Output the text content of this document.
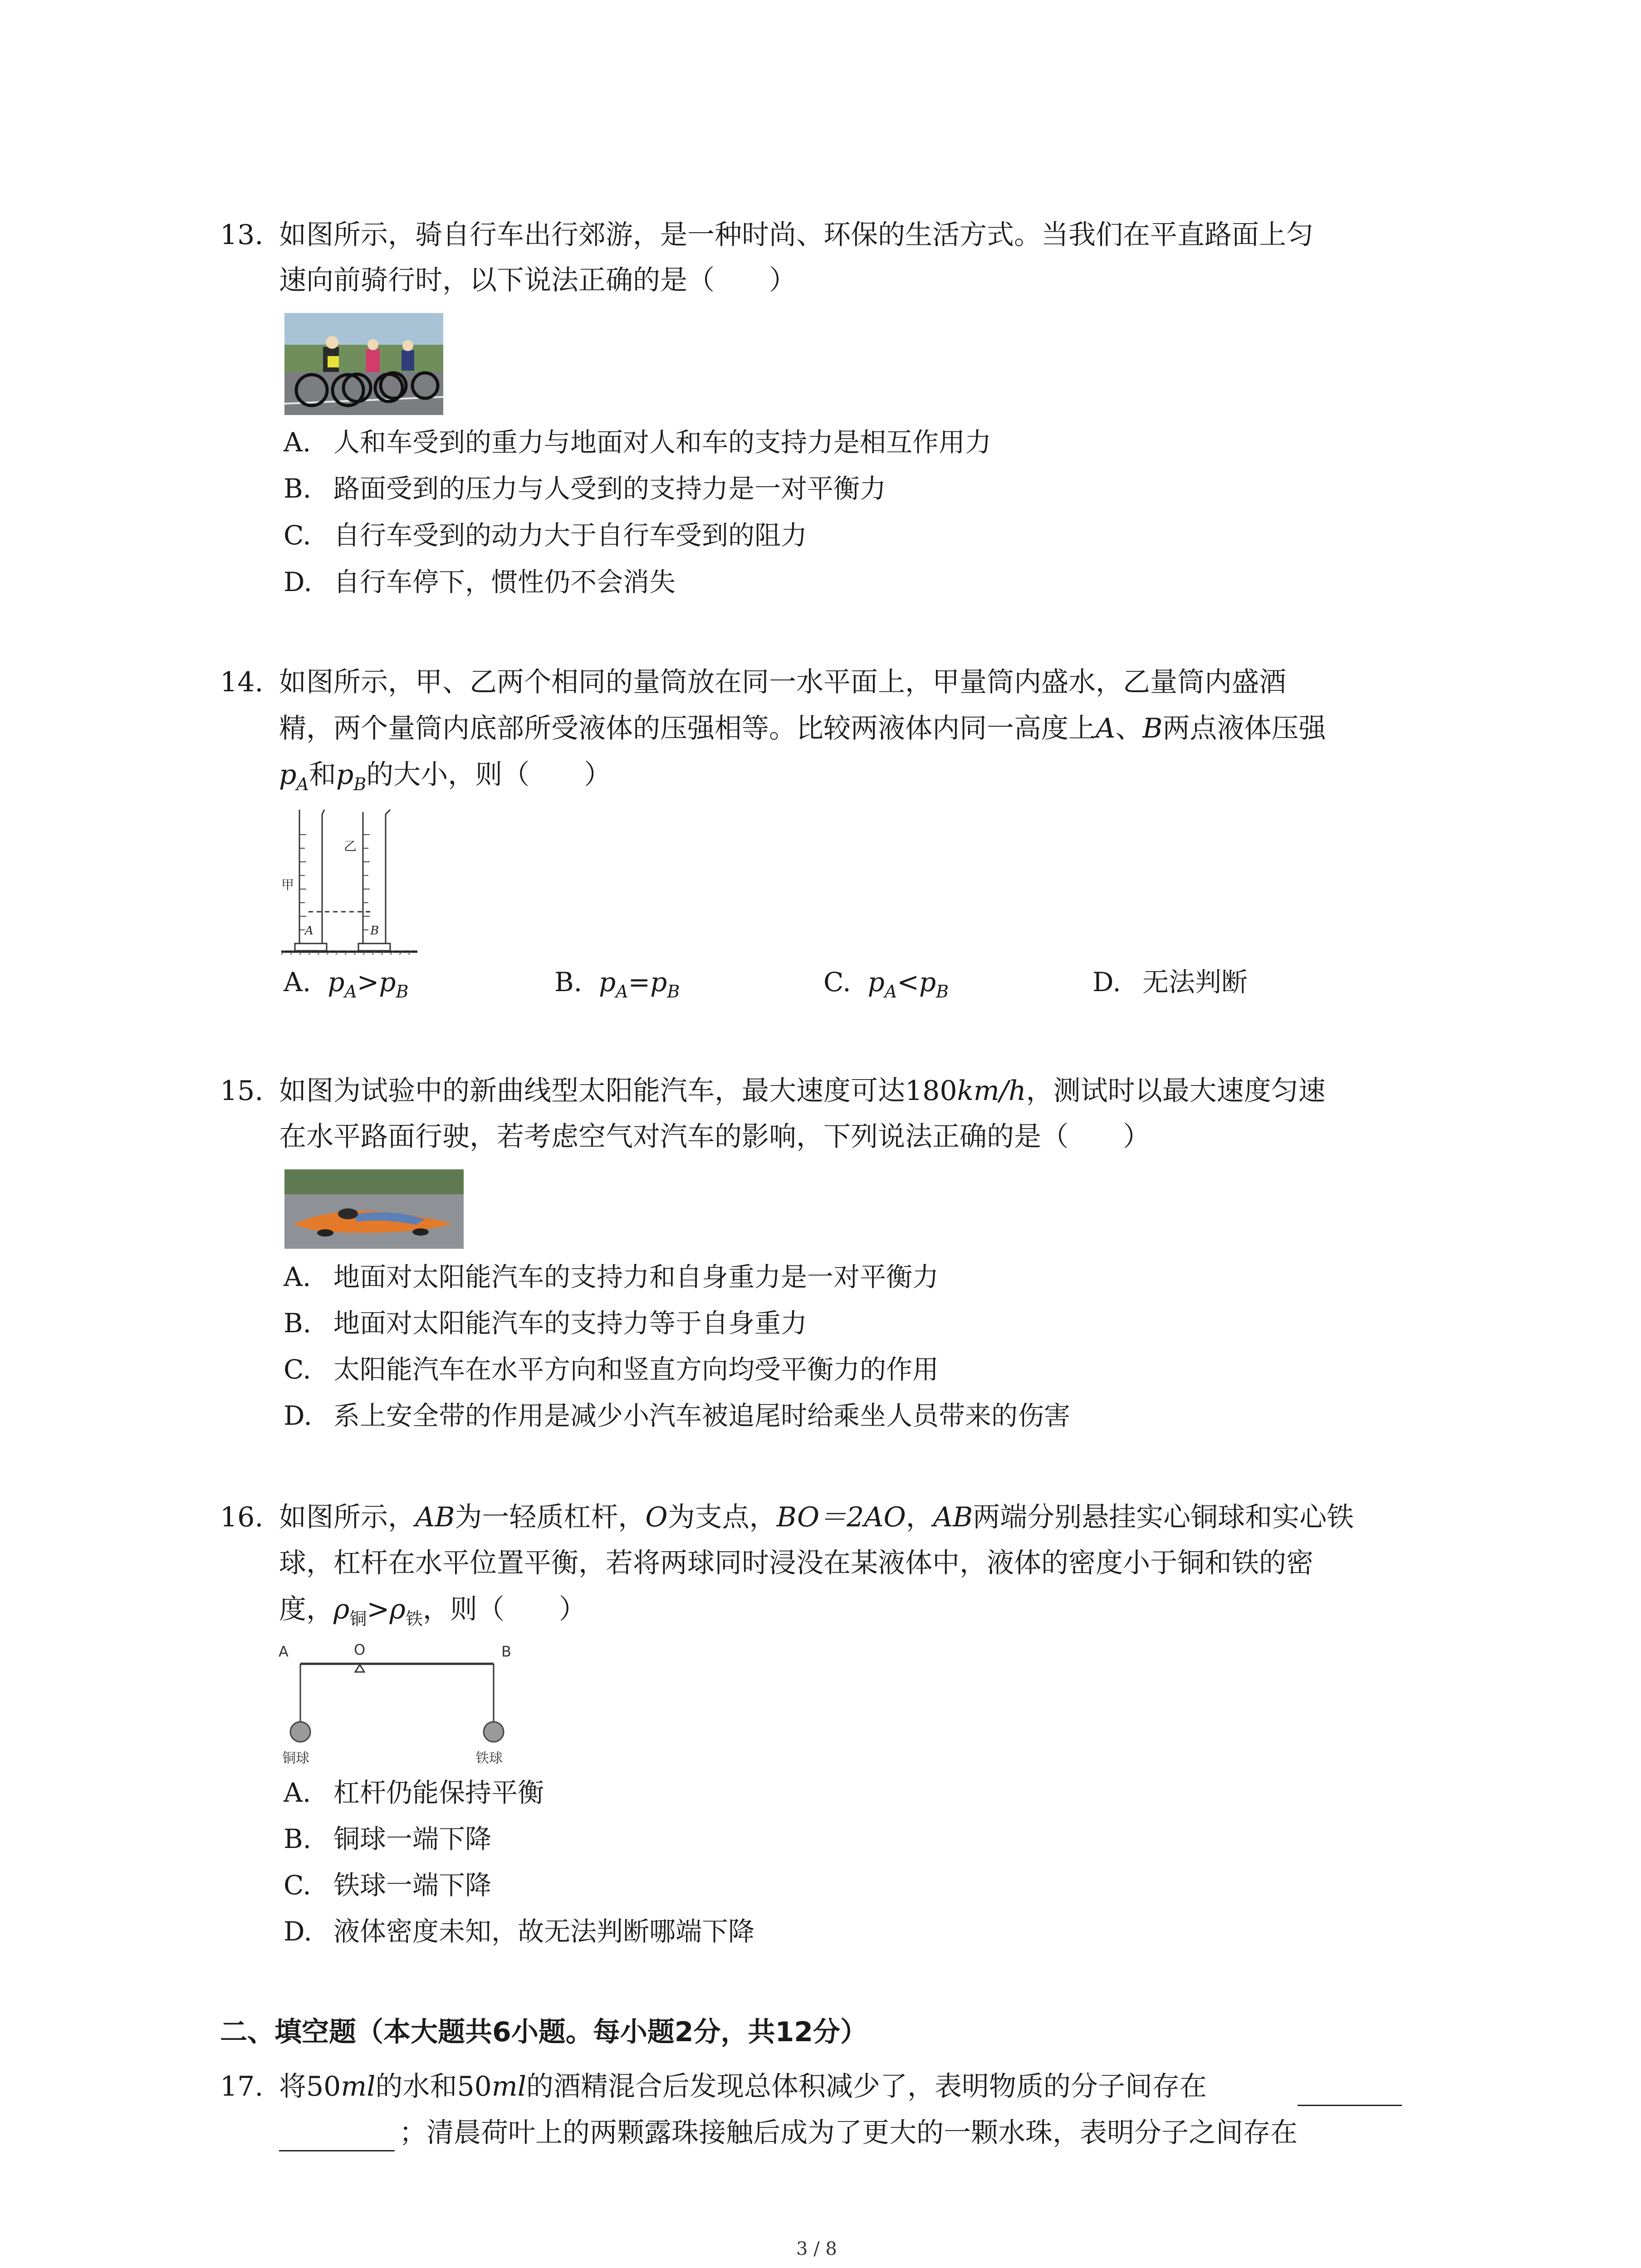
13. 如图所示，骑自行车出行郊游，是一种时尚、环保的生活方式。当我们在平直路面上匀
速向前骑行时，以下说法正确的是（　　）
A. 人和车受到的重力与地面对人和车的支持力是相互作用力
B. 路面受到的压力与人受到的支持力是一对平衡力
C. 自行车受到的动力大于自行车受到的阻力
D. 自行车停下，惯性仍不会消失
14. 如图所示，甲、乙两个相同的量筒放在同一水平面上，甲量筒内盛水，乙量筒内盛酒
精，两个量筒内底部所受液体的压强相等。比较两液体内同一高度上A、B两点液体压强
$p_A$和$p_B$的大小，则（　　）
甲
乙
A	B
A. $p_A>p_B$	B. $p_A=p_B$	C. $p_A<p_B$	D. 无法判断
15. 如图为试验中的新曲线型太阳能汽车，最大速度可达180km/h，测试时以最大速度匀速
在水平路面行驶，若考虑空气对汽车的影响，下列说法正确的是（　　）
A. 地面对太阳能汽车的支持力和自身重力是一对平衡力
B. 地面对太阳能汽车的支持力等于自身重力
C. 太阳能汽车在水平方向和竖直方向均受平衡力的作用
D. 系上安全带的作用是减少小汽车被追尾时给乘坐人员带来的伤害
16. 如图所示，AB为一轻质杠杆，O为支点，BO＝2AO，AB两端分别悬挂实心铜球和实心铁
球，杠杆在水平位置平衡，若将两球同时浸没在某液体中，液体的密度小于铜和铁的密
度，$\rho_铜>\rho_铁$，则（　　）
A	O	B
铜球	铁球
A. 杠杆仍能保持平衡
B. 铜球一端下降
C. 铁球一端下降
D. 液体密度未知，故无法判断哪端下降
二、填空题（本大题共6小题。每小题2分，共12分）
17. 将50ml的水和50ml的酒精混合后发现总体积减少了，表明物质的分子间存在
；清晨荷叶上的两颗露珠接触后成为了更大的一颗水珠，表明分子之间存在
3 / 8
